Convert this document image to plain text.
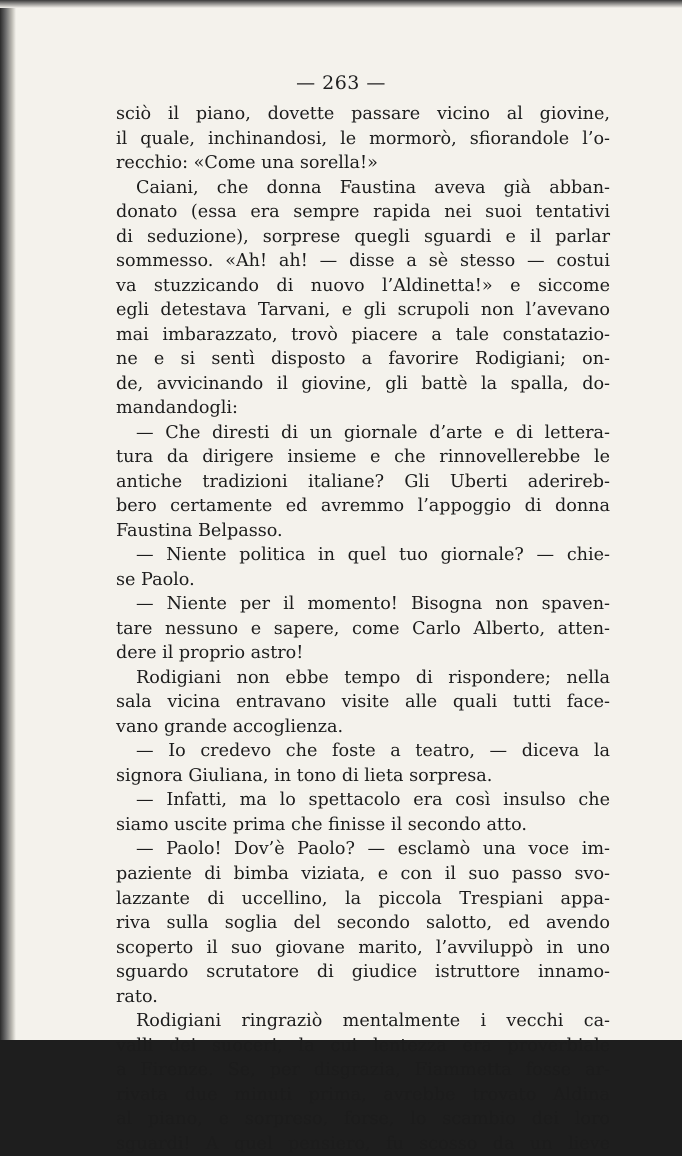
— 263 —
sciò il piano, dovette passare vicino al giovine,
il quale, inchinandosi, le mormorò, sfiorandole l’o-
recchio: «Come una sorella!»
Caiani, che donna Faustina aveva già abban-
donato (essa era sempre rapida nei suoi tentativi
di seduzione), sorprese quegli sguardi e il parlar
sommesso. «Ah! ah! — disse a sè stesso — costui
va stuzzicando di nuovo l’Aldinetta!» e siccome
egli detestava Tarvani, e gli scrupoli non l’avevano
mai imbarazzato, trovò piacere a tale constatazio-
ne e si sentì disposto a favorire Rodigiani; on-
de, avvicinando il giovine, gli battè la spalla, do-
mandandogli:
— Che diresti di un giornale d’arte e di lettera-
tura da dirigere insieme e che rinnovellerebbe le
antiche tradizioni italiane? Gli Uberti aderireb-
bero certamente ed avremmo l’appoggio di donna
Faustina Belpasso.
— Niente politica in quel tuo giornale? — chie-
se Paolo.
— Niente per il momento! Bisogna non spaven-
tare nessuno e sapere, come Carlo Alberto, atten-
dere il proprio astro!
Rodigiani non ebbe tempo di rispondere; nella
sala vicina entravano visite alle quali tutti face-
vano grande accoglienza.
— Io credevo che foste a teatro, — diceva la
signora Giuliana, in tono di lieta sorpresa.
— Infatti, ma lo spettacolo era così insulso che
siamo uscite prima che finisse il secondo atto.
— Paolo! Dov’è Paolo? — esclamò una voce im-
paziente di bimba viziata, e con il suo passo svo-
lazzante di uccellino, la piccola Trespiani appa-
riva sulla soglia del secondo salotto, ed avendo
scoperto il suo giovane marito, l’avviluppò in uno
sguardo scrutatore di giudice istruttore innamo-
rato.
Rodigiani ringraziò mentalmente i vecchi ca-
valli dei suoceri, la cui lentezza era proverbiale
a Firenze. Se, per disgrazia, Fiammetta fosse ar-
rivata due minuti prima, avrebbe trovato Aldina
al piano, e sorpreso, forse, lo scambio dei loro
sguardi! A quel pensiero, fu scosso da un lieve
